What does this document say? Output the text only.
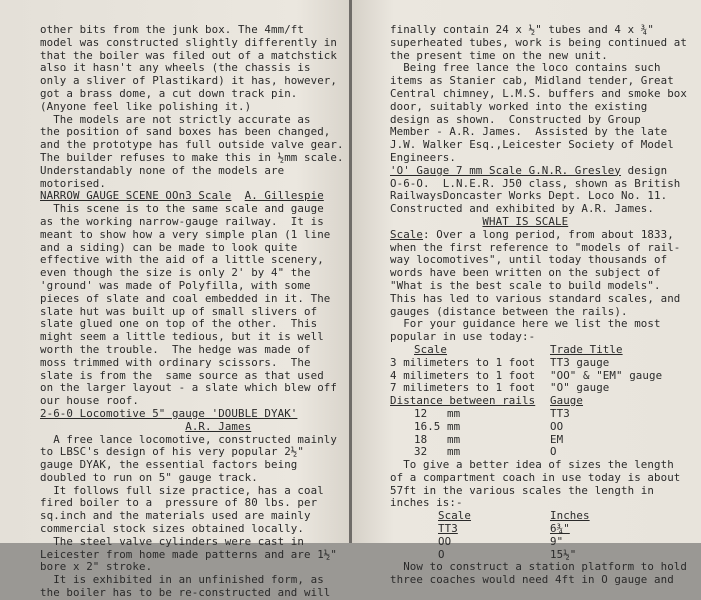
other bits from the junk box. The 4mm/ft
model was constructed slightly differently in
that the boiler was filed out of a matchstick
also it hasn't any wheels (the chassis is
only a sliver of Plastikard) it has, however,
got a brass dome, a cut down track pin.
(Anyone feel like polishing it.)
The models are not strictly accurate as
the position of sand boxes has been changed,
and the prototype has full outside valve gear.
The builder refuses to make this in ½mm scale.
Understandably none of the models are
motorised.
NARROW GAUGE SCENE OOn3 Scale A. Gillespie
This scene is to the same scale and gauge
as the working narrow-gauge railway.  It is
meant to show how a very simple plan (1 line
and a siding) can be made to look quite
effective with the aid of a little scenery,
even though the size is only 2' by 4" the
'ground' was made of Polyfilla, with some
pieces of slate and coal embedded in it. The
slate hut was built up of small slivers of
slate glued one on top of the other.  This
might seem a little tedious, but it is well
worth the trouble.  The hedge was made of
moss trimmed with ordinary scissors.  The
slate is from the  same source as that used
on the larger layout - a slate which blew off
our house roof.
2-6-0 Locomotive 5" gauge 'DOUBLE DYAK'
A.R. James
A free lance locomotive, constructed mainly
to LBSC's design of his very popular 2½"
gauge DYAK, the essential factors being
doubled to run on 5" gauge track.
It follows full size practice, has a coal
fired boiler to a  pressure of 80 lbs. per
sq.inch and the materials used are mainly
commercial stock sizes obtained locally.
The steel valve cylinders were cast in
Leicester from home made patterns and are 1½"
bore x 2" stroke.
It is exhibited in an unfinished form, as
the boiler has to be re-constructed and will
finally contain 24 x ½" tubes and 4 x ¾"
superheated tubes, work is being continued at
the present time on the new unit.
Being free lance the loco contains such
items as Stanier cab, Midland tender, Great
Central chimney, L.M.S. buffers and smoke box
door, suitably worked into the existing
design as shown.  Constructed by Group
Member - A.R. James.  Assisted by the late
J.W. Walker Esq.,Leicester Society of Model
Engineers.
'O' Gauge 7 mm Scale G.N.R. Gresley design
O-6-O.  L.N.E.R. J50 class, shown as British
RailwaysDoncaster Works Dept. Loco No. 11.
Constructed and exhibited by A.R. James.
WHAT IS SCALE
Scale: Over a long period, from about 1833,
when the first reference to "models of rail-
way locomotives", until today thousands of
words have been written on the subject of
"What is the best scale to build models".
This has led to various standard scales, and
gauges (distance between the rails).
For your guidance here we list the most
popular in use today:-
Scale	Trade Title
3 milimeters to 1 foot	TT3 gauge
4 milimeters to 1 foot	"OO" & "EM" gauge
7 milimeters to 1 foot	"O" gauge
Distance between rails	Gauge
12   mm	TT3
16.5 mm	OO
18   mm	EM
32   mm	O
To give a better idea of sizes the length
of a compartment coach in use today is about
57ft in the various scales the length in
inches is:-
Scale	Inches
TT3	6¾"
OO	9"
O	15½"
Now to construct a station platform to hold
three coaches would need 4ft in O gauge and
